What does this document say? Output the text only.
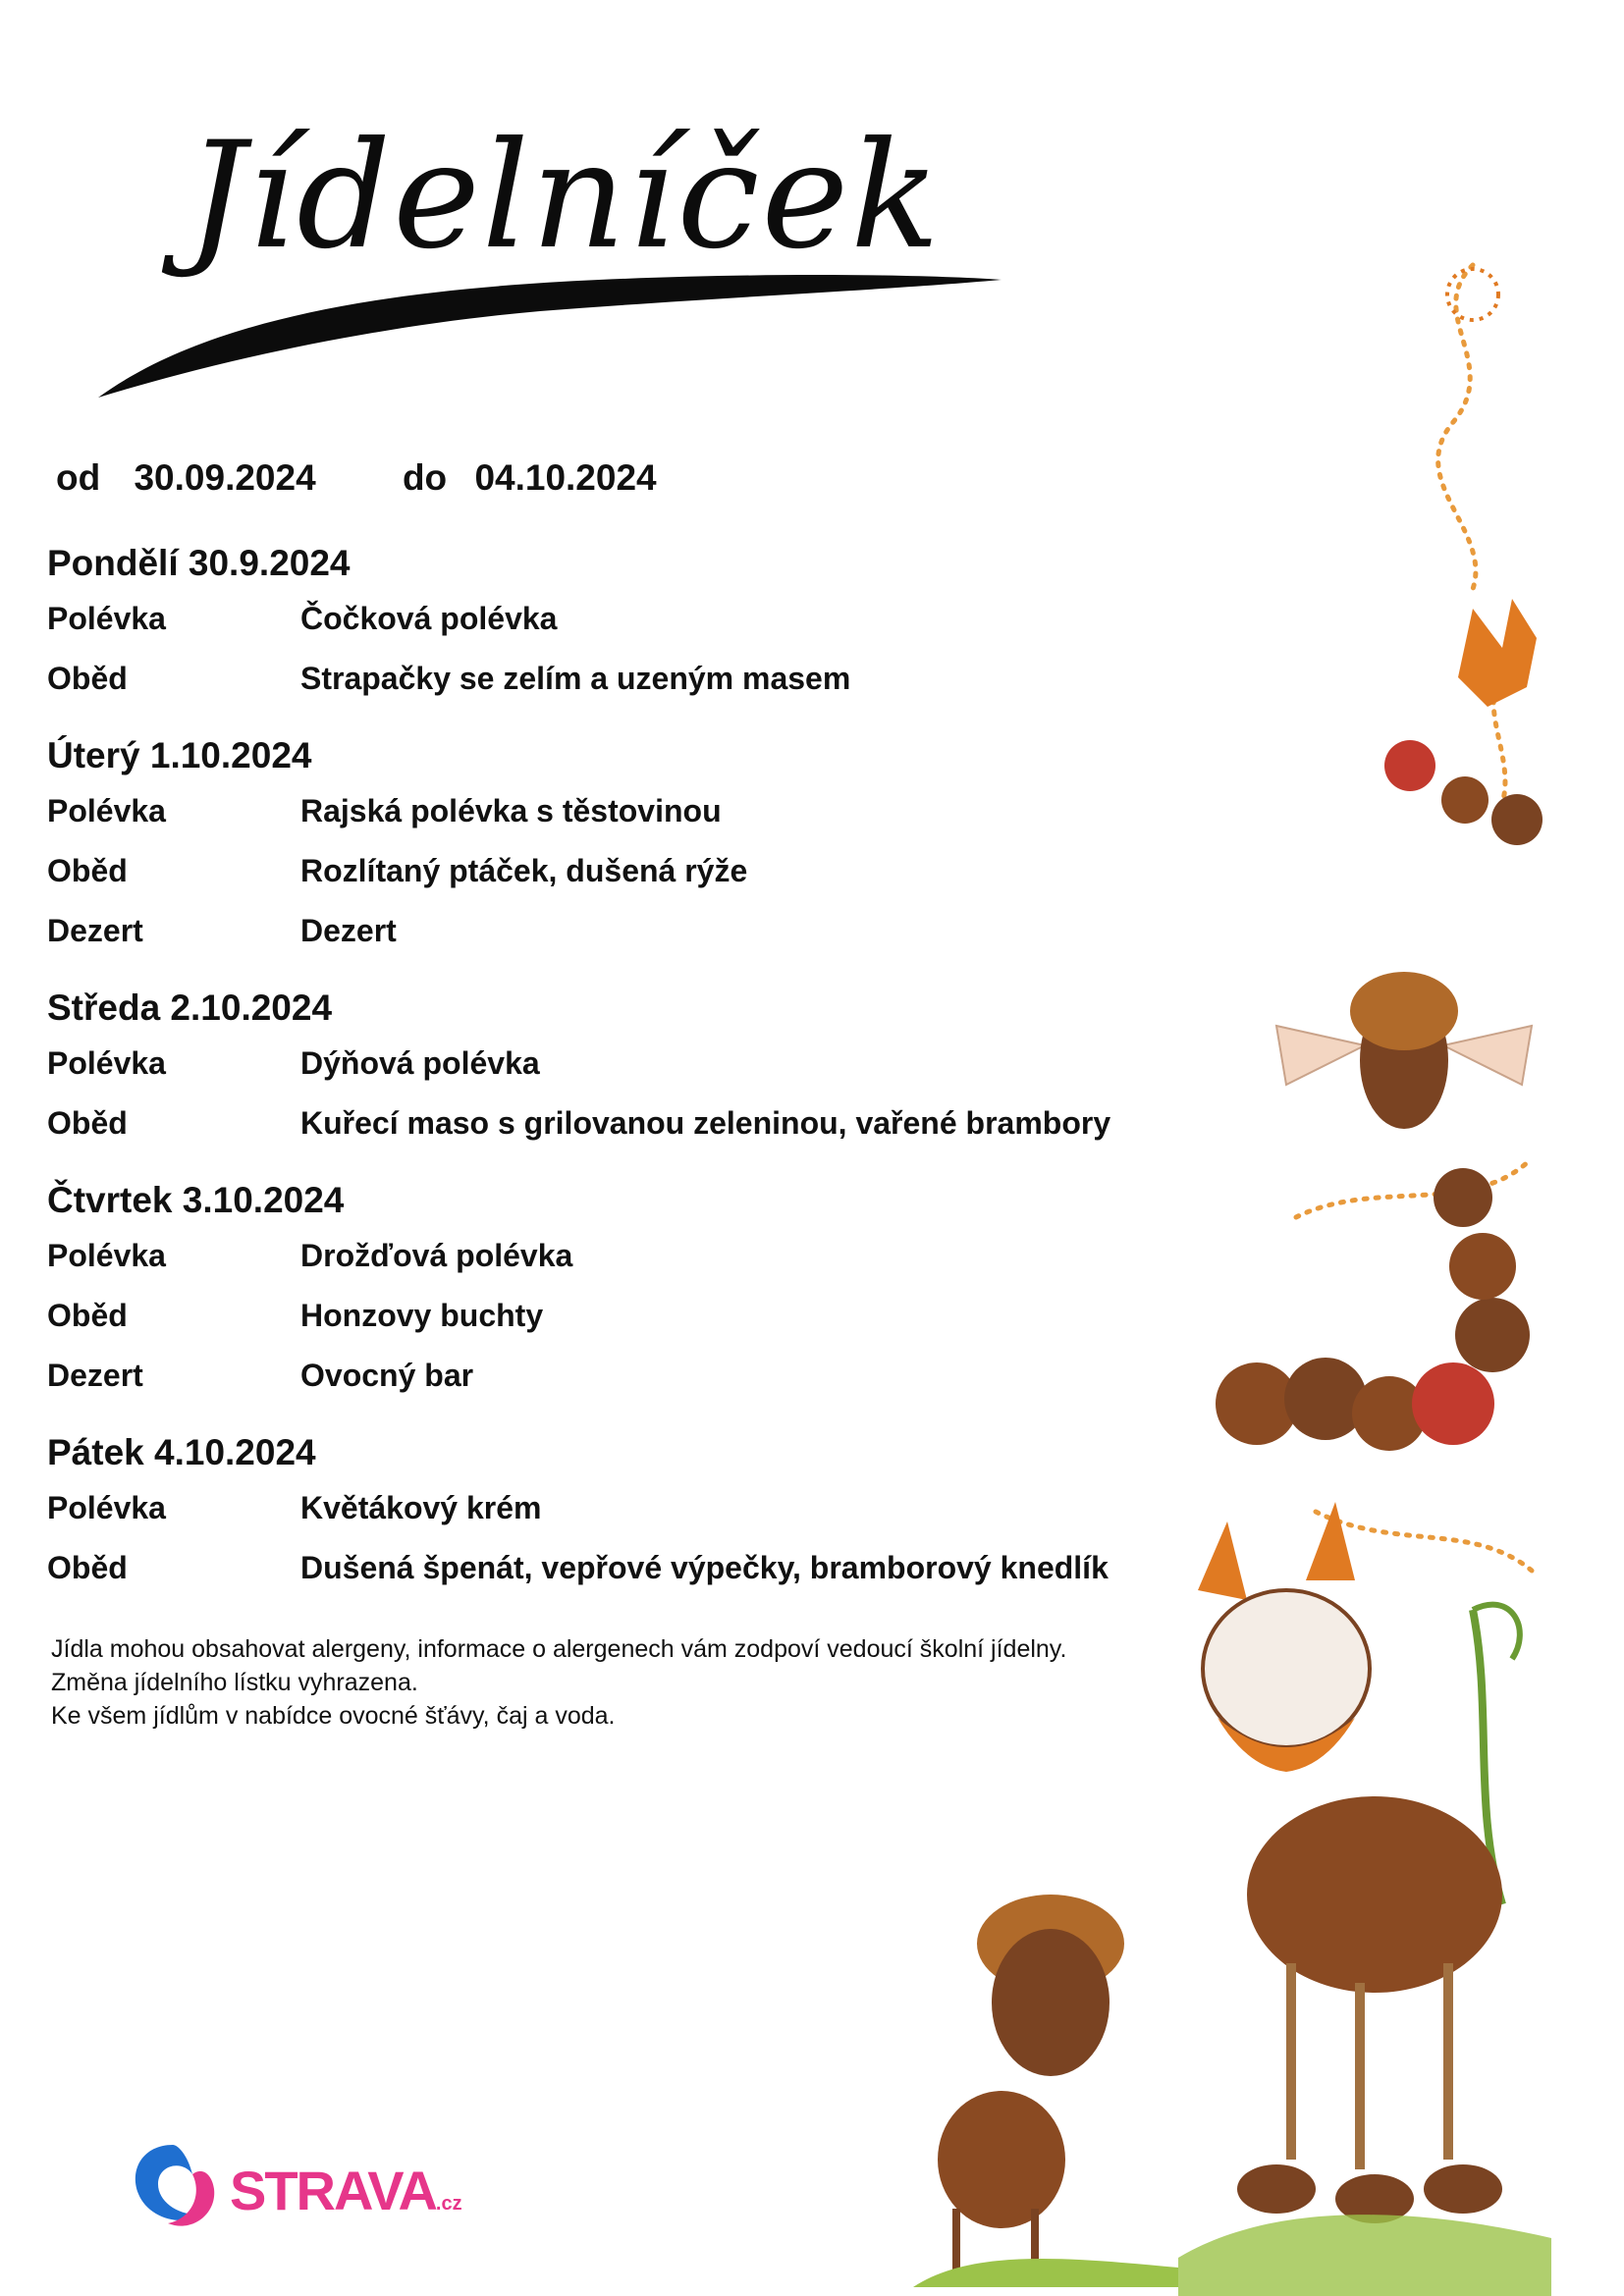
Jídelníček
od 30.09.2024 do 04.10.2024
Pondělí 30.9.2024
Polévka	Čočková polévka
Oběd	Strapačky se zelím a uzeným masem
Úterý 1.10.2024
Polévka	Rajská polévka s těstovinou
Oběd	Rozlítaný ptáček, dušená rýže
Dezert	Dezert
Středa 2.10.2024
Polévka	Dýňová polévka
Oběd	Kuřecí maso s grilovanou zeleninou, vařené brambory
Čtvrtek 3.10.2024
Polévka	Drožďová polévka
Oběd	Honzovy buchty
Dezert	Ovocný bar
Pátek 4.10.2024
Polévka	Květákový krém
Oběd	Dušená špenát, vepřové výpečky, bramborový knedlík
Jídla mohou obsahovat alergeny, informace o alergenech vám zodpoví vedoucí školní jídelny.
Změna jídelního lístku vyhrazena.
Ke všem jídlům v nabídce ovocné šťávy, čaj a voda.
STRAVA.cz
